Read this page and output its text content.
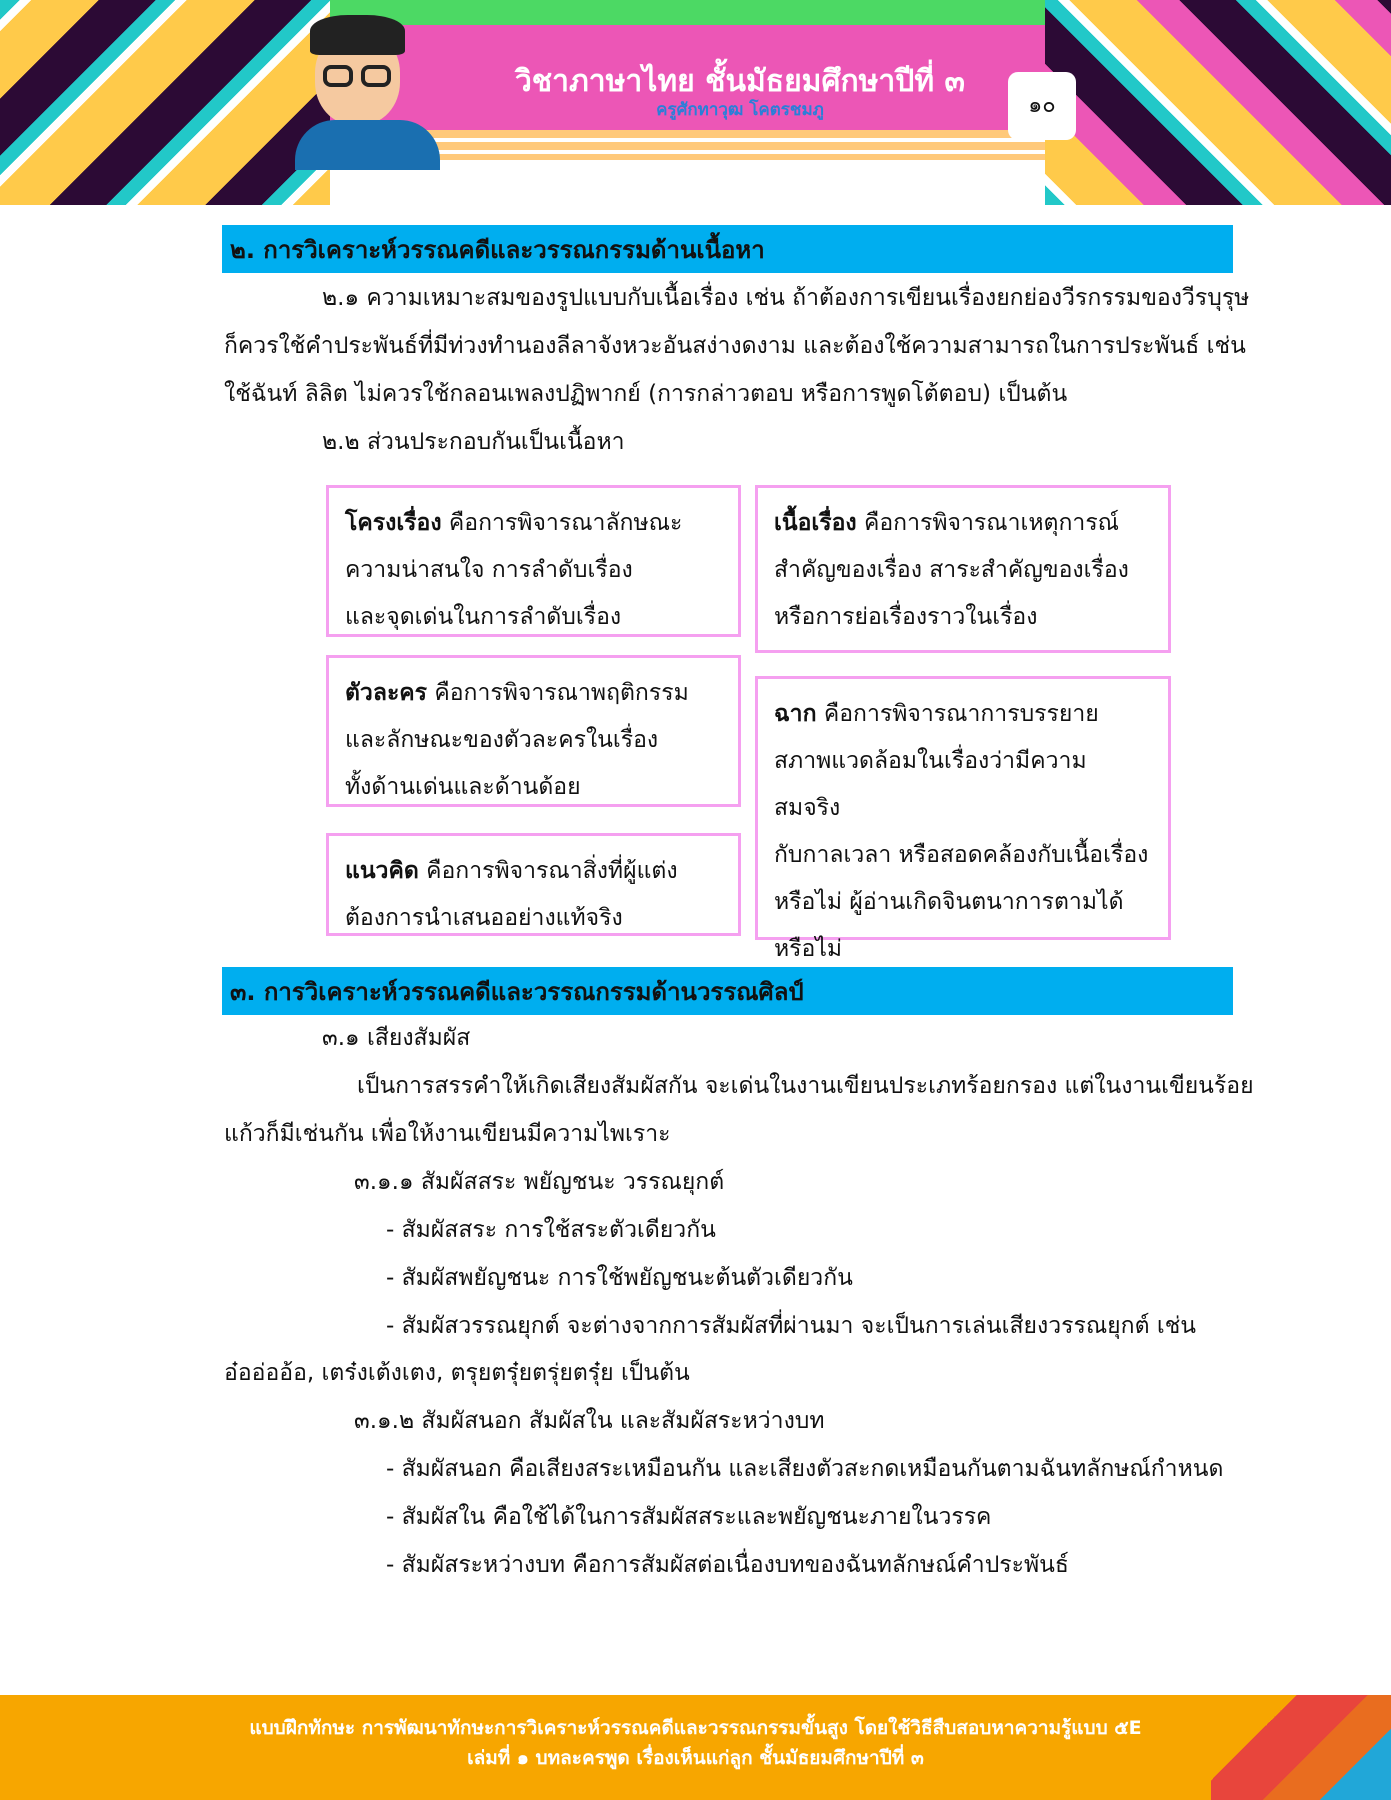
วิชาภาษาไทย ชั้นมัธยมศึกษาปีที่ ๓
ครูศักทาวุฒ โคตรชมภู	๑๐
๒. การวิเคราะห์วรรณคดีและวรรณกรรมด้านเนื้อหา
๒.๑ ความเหมาะสมของรูปแบบกับเนื้อเรื่อง เช่น ถ้าต้องการเขียนเรื่องยกย่องวีรกรรมของวีรบุรุษ
ก็ควรใช้คำประพันธ์ที่มีท่วงทำนองลีลาจังหวะอันสง่างดงาม และต้องใช้ความสามารถในการประพันธ์ เช่น
ใช้ฉันท์ ลิลิต ไม่ควรใช้กลอนเพลงปฏิพากย์ (การกล่าวตอบ หรือการพูดโต้ตอบ) เป็นต้น
๒.๒ ส่วนประกอบกันเป็นเนื้อหา
โครงเรื่อง คือการพิจารณาลักษณะ
ความน่าสนใจ การลำดับเรื่อง
และจุดเด่นในการลำดับเรื่อง
เนื้อเรื่อง คือการพิจารณาเหตุการณ์
สำคัญของเรื่อง สาระสำคัญของเรื่อง
หรือการย่อเรื่องราวในเรื่อง
ตัวละคร คือการพิจารณาพฤติกรรม
และลักษณะของตัวละครในเรื่อง
ทั้งด้านเด่นและด้านด้อย
ฉาก คือการพิจารณาการบรรยาย
สภาพแวดล้อมในเรื่องว่ามีความสมจริง
กับกาลเวลา หรือสอดคล้องกับเนื้อเรื่อง
หรือไม่ ผู้อ่านเกิดจินตนาการตามได้
หรือไม่
แนวคิด คือการพิจารณาสิ่งที่ผู้แต่ง
ต้องการนำเสนออย่างแท้จริง
๓. การวิเคราะห์วรรณคดีและวรรณกรรมด้านวรรณศิลป์
๓.๑ เสียงสัมผัส
เป็นการสรรคำให้เกิดเสียงสัมผัสกัน จะเด่นในงานเขียนประเภทร้อยกรอง แต่ในงานเขียนร้อย
แก้วก็มีเช่นกัน เพื่อให้งานเขียนมีความไพเราะ
๓.๑.๑ สัมผัสสระ พยัญชนะ วรรณยุกต์
- สัมผัสสระ การใช้สระตัวเดียวกัน
- สัมผัสพยัญชนะ การใช้พยัญชนะต้นตัวเดียวกัน
- สัมผัสวรรณยุกต์ จะต่างจากการสัมผัสที่ผ่านมา จะเป็นการเล่นเสียงวรรณยุกต์ เช่น
อ๋ออ่ออ้อ, เตร๋งเต้งเตง, ตรุยตรุ๋ยตรุ่ยตรุ๋ย เป็นต้น
๓.๑.๒ สัมผัสนอก สัมผัสใน และสัมผัสระหว่างบท
- สัมผัสนอก คือเสียงสระเหมือนกัน และเสียงตัวสะกดเหมือนกันตามฉันทลักษณ์กำหนด
- สัมผัสใน คือใช้ได้ในการสัมผัสสระและพยัญชนะภายในวรรค
- สัมผัสระหว่างบท คือการสัมผัสต่อเนื่องบทของฉันทลักษณ์คำประพันธ์
แบบฝึกทักษะ การพัฒนาทักษะการวิเคราะห์วรรณคดีและวรรณกรรมขั้นสูง โดยใช้วิธีสืบสอบหาความรู้แบบ ๕E
เล่มที่ ๑ บทละครพูด เรื่องเห็นแก่ลูก ชั้นมัธยมศึกษาปีที่ ๓
